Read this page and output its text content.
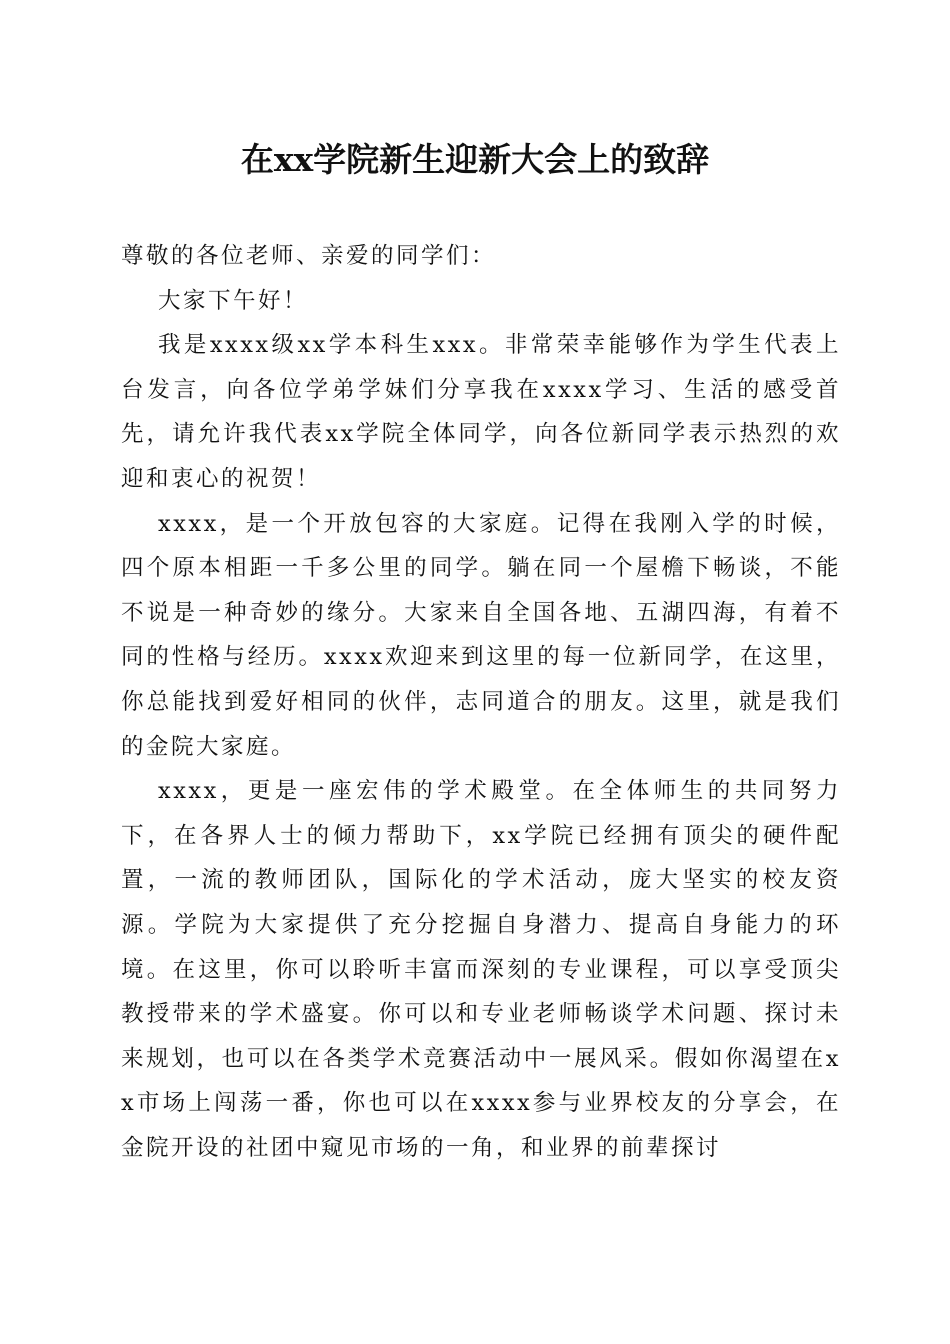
在xx学院新生迎新大会上的致辞

尊敬的各位老师、亲爱的同学们：

大家下午好！

我是xxxx级xx学本科生xxx。非常荣幸能够作为学生代表上台发言，向各位学弟学妹们分享我在xxxx学习、生活的感受首先，请允许我代表xx学院全体同学，向各位新同学表示热烈的欢迎和衷心的祝贺！

xxxx，是一个开放包容的大家庭。记得在我刚入学的时候，四个原本相距一千多公里的同学。躺在同一个屋檐下畅谈，不能不说是一种奇妙的缘分。大家来自全国各地、五湖四海，有着不同的性格与经历。xxxx欢迎来到这里的每一位新同学，在这里，你总能找到爱好相同的伙伴，志同道合的朋友。这里，就是我们的金院大家庭。

xxxx，更是一座宏伟的学术殿堂。在全体师生的共同努力下，在各界人士的倾力帮助下，xx学院已经拥有顶尖的硬件配置，一流的教师团队，国际化的学术活动，庞大坚实的校友资源。学院为大家提供了充分挖掘自身潜力、提高自身能力的环境。在这里，你可以聆听丰富而深刻的专业课程，可以享受顶尖教授带来的学术盛宴。你可以和专业老师畅谈学术问题、探讨未来规划，也可以在各类学术竞赛活动中一展风采。假如你渴望在xx市场上闯荡一番，你也可以在xxxx参与业界校友的分享会，在金院开设的社团中窥见市场的一角，和业界的前辈探讨
